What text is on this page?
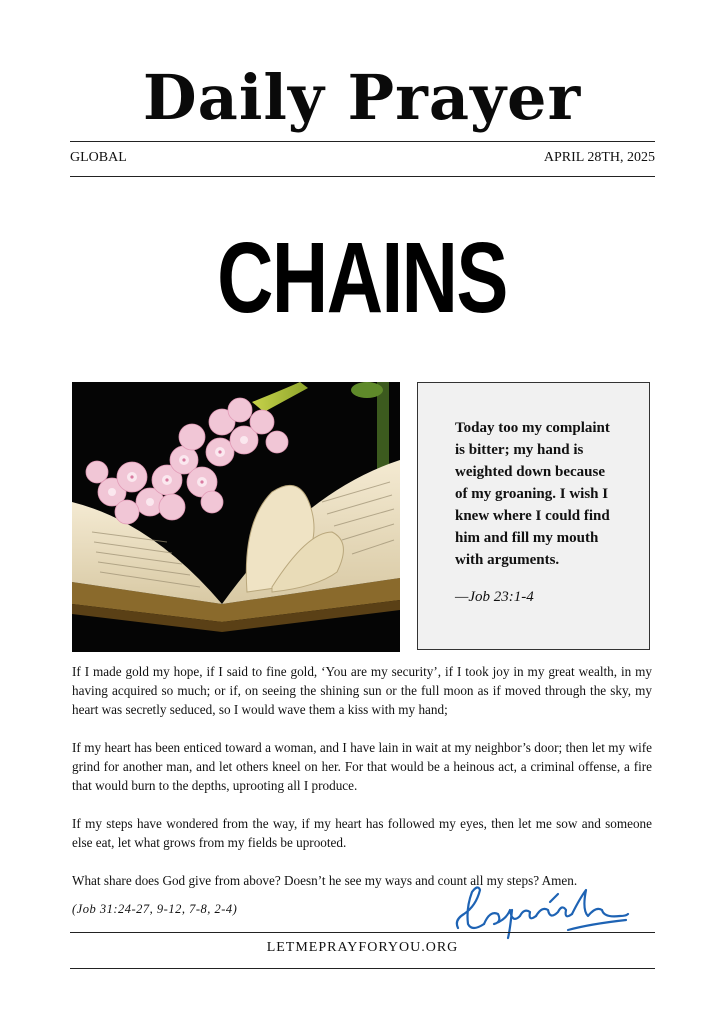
Daily Prayer
GLOBAL	APRIL 28TH, 2025
CHAINS
Today too my complaint is bitter; my hand is weighted down because of my groaning. I wish I knew where I could find him and fill my mouth with arguments.
—Job 23:1-4

If I made gold my hope, if I said to fine gold, ‘You are my security’, if I took joy in my great wealth, in my having acquired so much; or if, on seeing the shining sun or the full moon as if moved through the sky, my heart was secretly seduced, so I would wave them a kiss with my hand;

If my heart has been enticed toward a woman, and I have lain in wait at my neighbor’s door; then let my wife grind for another man, and let others kneel on her. For that would be a heinous act, a criminal offense, a fire that would burn to the depths, uprooting all I produce.

If my steps have wondered from the way, if my heart has followed my eyes, then let me sow and someone else eat, let what grows from my fields be uprooted.

What share does God give from above? Doesn’t he see my ways and count all my steps? Amen.

(Job 31:24-27, 9-12, 7-8, 2-4)
LETMEPRAYFORYOU.ORG
